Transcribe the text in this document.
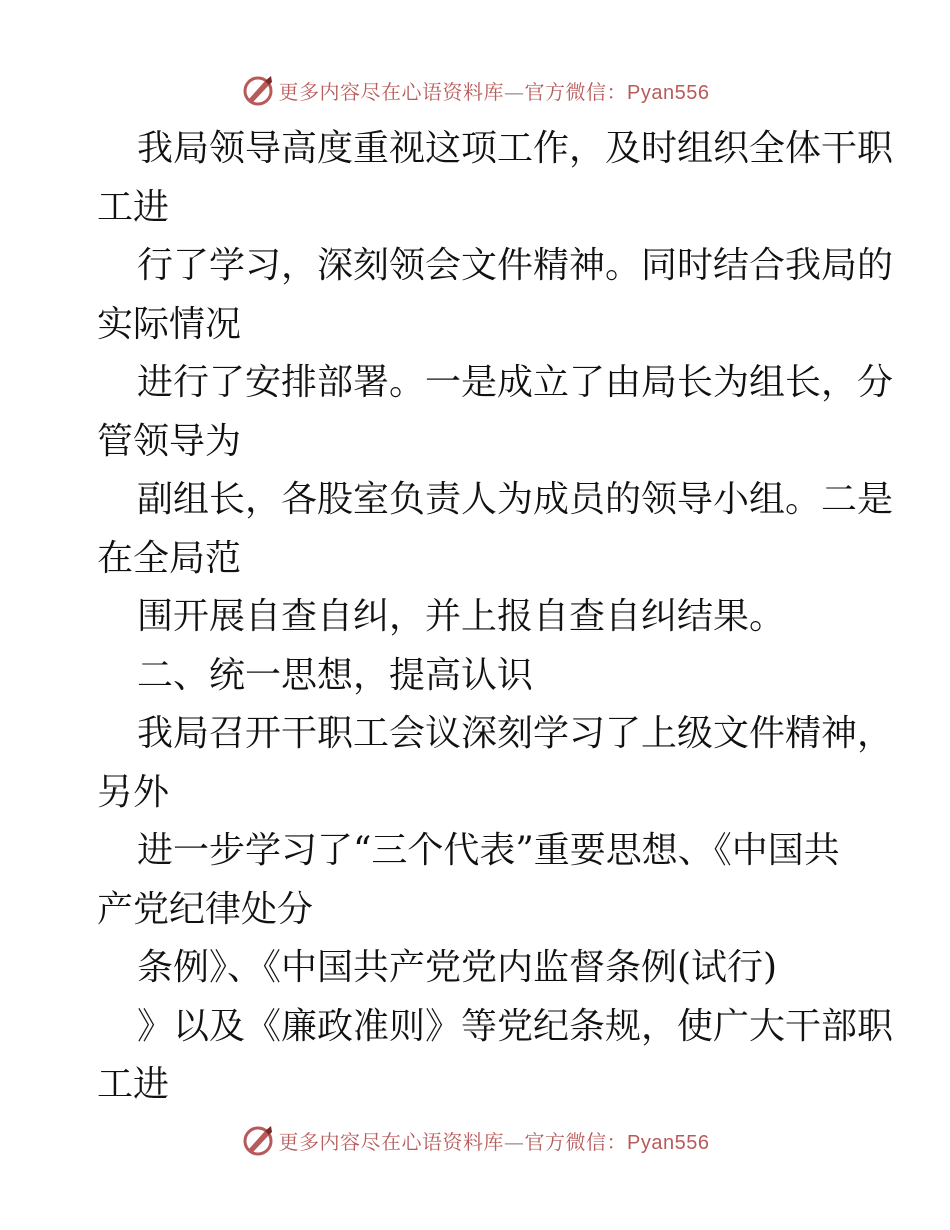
更多内容尽在心语资料库—官方微信：Pyan556
我局领导高度重视这项工作，及时组织全体干职
工进
行了学习，深刻领会文件精神。同时结合我局的
实际情况
进行了安排部署。一是成立了由局长为组长，分
管领导为
副组长，各股室负责人为成员的领导小组。二是
在全局范
围开展自查自纠，并上报自查自纠结果。
二、统一思想，提高认识
我局召开干职工会议深刻学习了上级文件精神，
另外
进一步学习了“三个代表”重要思想、《中国共
产党纪律处分
条例》、《中国共产党党内监督条例(试行)
》以及《廉政准则》等党纪条规，使广大干部职
工进
更多内容尽在心语资料库—官方微信：Pyan556
